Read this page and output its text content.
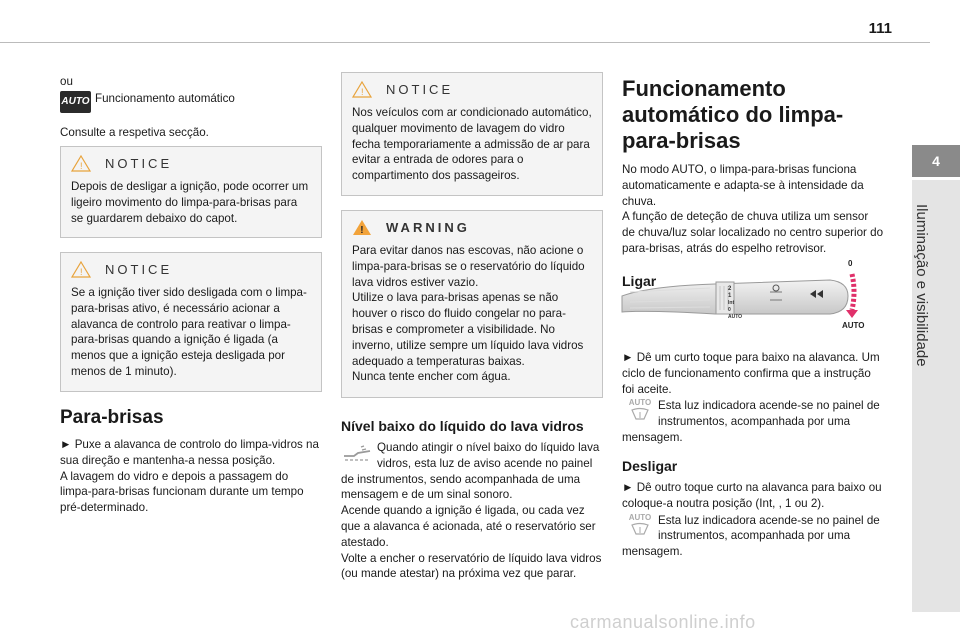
111
4
Iluminação e visibilidade

ou

AUTO Funcionamento automático

Consulte a respetiva secção.

! NOTICE

Depois de desligar a ignição, pode ocorrer um ligeiro movimento do limpa-para-brisas para se guardarem debaixo do capot.

! NOTICE

Se a ignição tiver sido desligada com o limpa-para-brisas ativo, é necessário acionar a alavanca de controlo para reativar o limpa-para-brisas quando a ignição é ligada (a menos que a ignição esteja desligada por menos de 1 minuto).

Para-brisas

► Puxe a alavanca de controlo do limpa-vidros na sua direção e mantenha-a nessa posição.
A lavagem do vidro e depois a passagem do limpa-para-brisas funcionam durante um tempo pré-determinado.

! NOTICE

Nos veículos com ar condicionado automático, qualquer movimento de lavagem do vidro fecha temporariamente a admissão de ar para evitar a entrada de odores para o compartimento dos passageiros.

! WARNING

Para evitar danos nas escovas, não acione o limpa-para-brisas se o reservatório do líquido lava vidros estiver vazio.
Utilize o lava para-brisas apenas se não houver o risco do fluido congelar no para-brisas e comprometer a visibilidade. No inverno, utilize sempre um líquido lava vidros adequado a temperaturas baixas.
Nunca tente encher com água.

Nível baixo do líquido do lava vidros

Quando atingir o nível baixo do líquido lava vidros, esta luz de aviso acende no painel de instrumentos, sendo acompanhada de uma mensagem e de um sinal sonoro.
Acende quando a ignição é ligada, ou cada vez que a alavanca é acionada, até o reservatório ser atestado.
Volte a encher o reservatório de líquido lava vidros (ou mande atestar) na próxima vez que parar.

Funcionamento automático do limpa-para-brisas

No modo AUTO, o limpa-para-brisas funciona automaticamente e adapta-se à intensidade da chuva.
A função de deteção de chuva utiliza um sensor de chuva/luz solar localizado no centro superior do para-brisas, atrás do espelho retrovisor.

Ligar
2
1
Int
0
AUTO
0
AUTO

► Dê um curto toque para baixo na alavanca. Um ciclo de funcionamento confirma que a instrução foi aceite.

AUTO Esta luz indicadora acende-se no painel de instrumentos, acompanhada por uma mensagem.

Desligar

► Dê outro toque curto na alavanca para baixo ou coloque-a noutra posição (Int, , 1 ou 2).

AUTO Esta luz indicadora acende-se no painel de instrumentos, acompanhada por uma mensagem.

carmanualsonline.info
